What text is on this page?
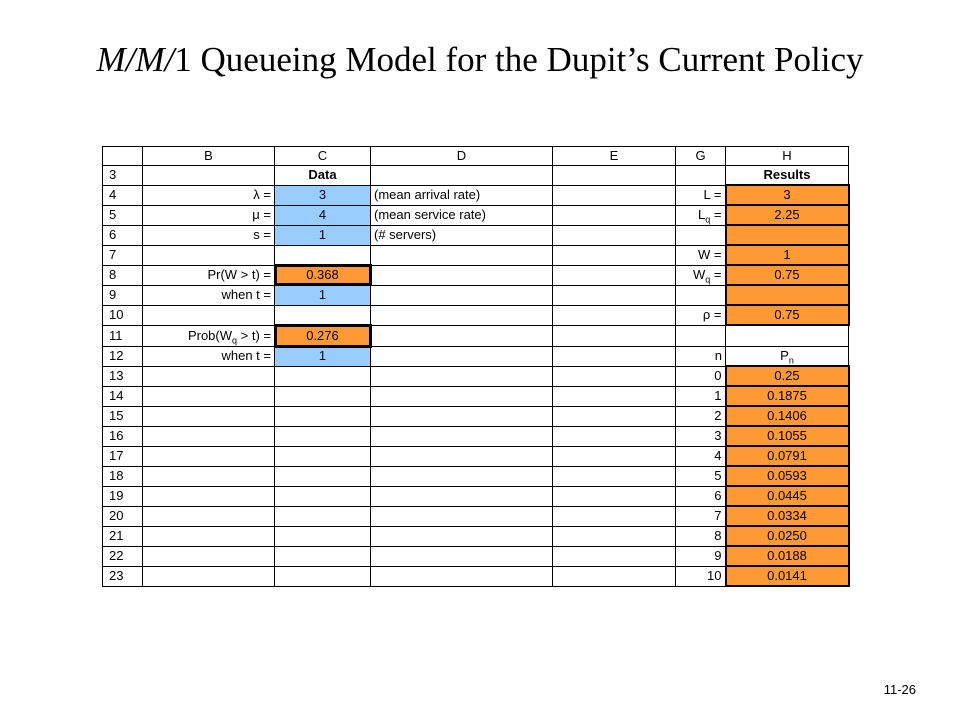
M/M/1 Queueing Model for the Dupit’s Current Policy
	B	C	D	E	G	H
3		Data				Results
4	λ =	3	(mean arrival rate)		L =	3
5	μ =	4	(mean service rate)		$L_q$ =	2.25
6	s =	1	(# servers)			
7					W =	1
8	Pr(W > t) =	0.368			$W_q$ =	0.75
9	when t =	1				
10					ρ =	0.75
11	$Prob(W_q > t)$ =	0.276				
12	when t =	1			n	$P_n$
13					0	0.25
14					1	0.1875
15					2	0.1406
16					3	0.1055
17					4	0.0791
18					5	0.0593
19					6	0.0445
20					7	0.0334
21					8	0.0250
22					9	0.0188
23					10	0.0141
11-26
